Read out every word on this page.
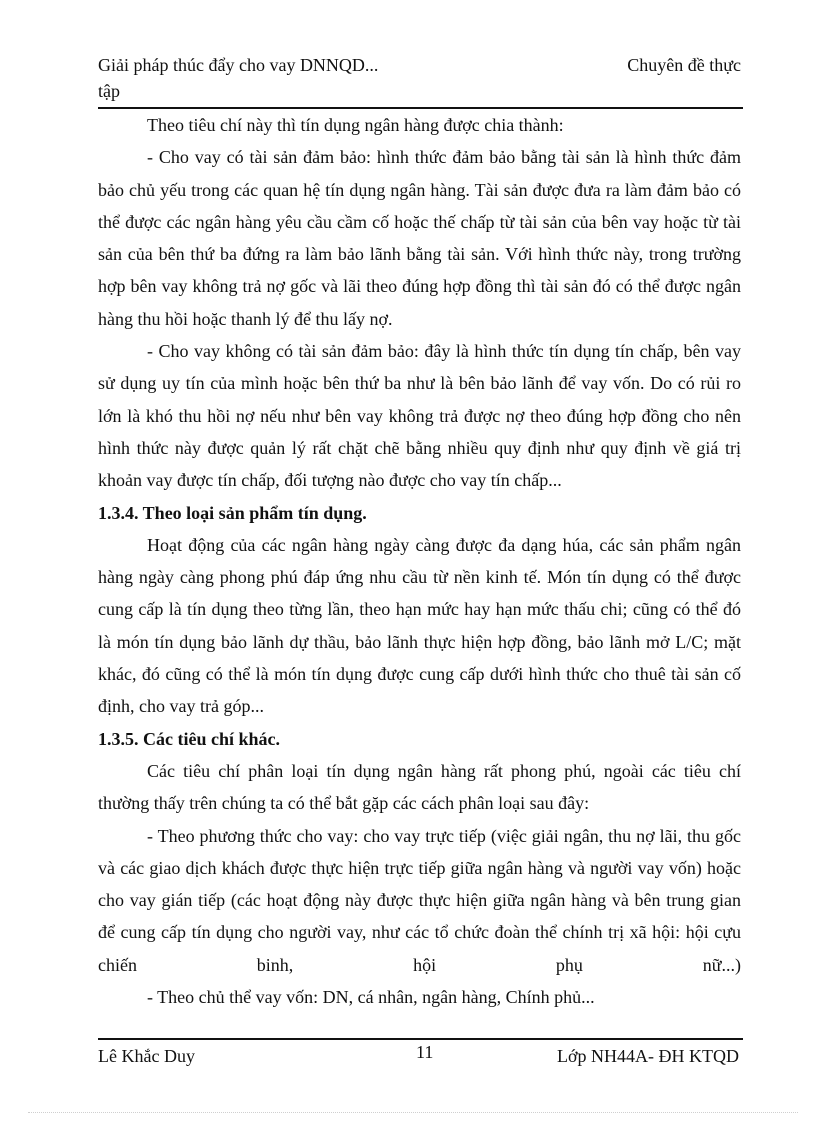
Giải pháp thúc đẩy cho vay DNNQD...	Chuyên đề thực
tập

Theo tiêu chí này thì tín dụng ngân hàng được chia thành:

- Cho vay có tài sản đảm bảo: hình thức đảm bảo bằng tài sản là hình thức đảm bảo chủ yếu trong các quan hệ tín dụng ngân hàng. Tài sản được đưa ra làm đảm bảo có thể được các ngân hàng yêu cầu cầm cố hoặc thế chấp từ tài sản của bên vay hoặc từ tài sản của bên thứ ba đứng ra làm bảo lãnh bằng tài sản. Với hình thức này, trong trường hợp bên vay không trả nợ gốc và lãi theo đúng hợp đồng thì tài sản đó có thể được ngân hàng thu hồi hoặc thanh lý để thu lấy nợ.

- Cho vay không có tài sản đảm bảo: đây là hình thức tín dụng tín chấp, bên vay sử dụng uy tín của mình hoặc bên thứ ba như là bên bảo lãnh để vay vốn. Do có rủi ro lớn là khó thu hồi nợ nếu như bên vay không trả được nợ theo đúng hợp đồng cho nên hình thức này được quản lý rất chặt chẽ bằng nhiều quy định như quy định về giá trị khoản vay được tín chấp, đối tượng nào được cho vay tín chấp...

1.3.4. Theo loại sản phẩm tín dụng.

Hoạt động của các ngân hàng ngày càng được đa dạng húa, các sản phẩm ngân hàng ngày càng phong phú đáp ứng nhu cầu từ nền kinh tế. Món tín dụng có thể được cung cấp là tín dụng theo từng lần, theo hạn mức hay hạn mức thấu chi; cũng có thể đó là món tín dụng bảo lãnh dự thầu, bảo lãnh thực hiện hợp đồng, bảo lãnh mở L/C; mặt khác, đó cũng có thể là món tín dụng được cung cấp dưới hình thức cho thuê tài sản cố định, cho vay trả góp...

1.3.5. Các tiêu chí khác.

Các tiêu chí phân loại tín dụng ngân hàng rất phong phú, ngoài các tiêu chí thường thấy trên chúng ta có thể bắt gặp các cách phân loại sau đây:

- Theo phương thức cho vay: cho vay trực tiếp (việc giải ngân, thu nợ lãi, thu gốc và các giao dịch khách được thực hiện trực tiếp giữa ngân hàng và người vay vốn) hoặc cho vay gián tiếp (các hoạt động này được thực hiện giữa ngân hàng và bên trung gian để cung cấp tín dụng cho người vay, như các tổ chức đoàn thể chính trị xã hội: hội cựu chiến binh, hội phụ nữ...)

- Theo chủ thể vay vốn: DN, cá nhân, ngân hàng, Chính phủ...

Lê Khắc Duy	11	Lớp NH44A- ĐH KTQD
